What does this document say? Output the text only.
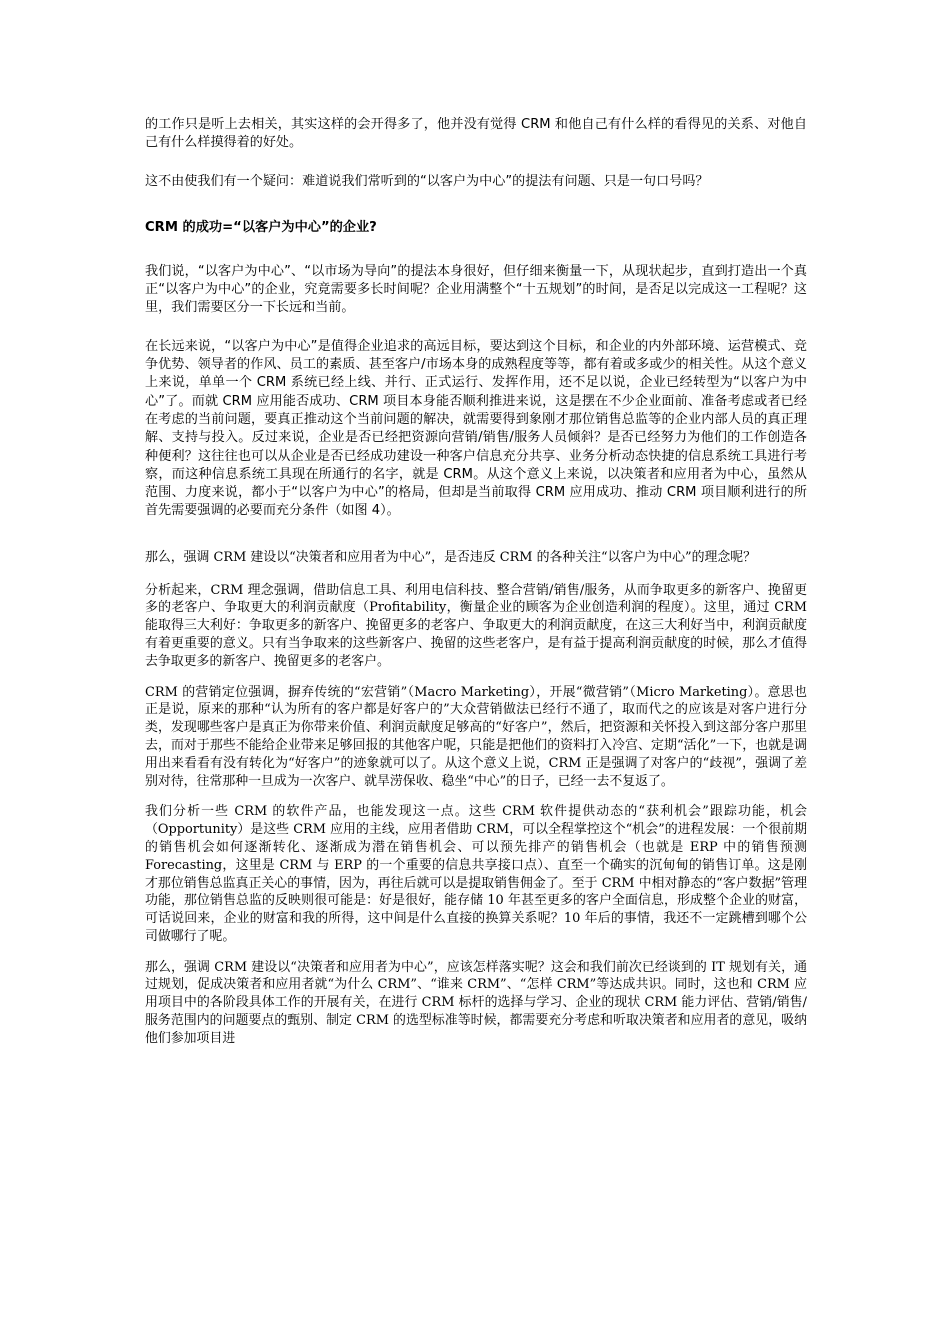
的工作只是听上去相关，其实这样的会开得多了，他并没有觉得 CRM 和他自己有什么样的看得见的关系、对他自己有什么样摸得着的好处。

这不由使我们有一个疑问：难道说我们常听到的“以客户为中心”的提法有问题、只是一句口号吗？

CRM 的成功=“以客户为中心”的企业?

我们说，“以客户为中心”、“以市场为导向”的提法本身很好，但仔细来衡量一下，从现状起步，直到打造出一个真正“以客户为中心”的企业，究竟需要多长时间呢？企业用满整个“十五规划”的时间，是否足以完成这一工程呢？这里，我们需要区分一下长远和当前。

在长远来说，“以客户为中心”是值得企业追求的高远目标，要达到这个目标，和企业的内外部环境、运营模式、竞争优势、领导者的作风、员工的素质、甚至客户/市场本身的成熟程度等等，都有着或多或少的相关性。从这个意义上来说，单单一个 CRM 系统已经上线、并行、正式运行、发挥作用，还不足以说，企业已经转型为“以客户为中心”了。而就 CRM 应用能否成功、CRM 项目本身能否顺利推进来说，这是摆在不少企业面前、准备考虑或者已经在考虑的当前问题，要真正推动这个当前问题的解决，就需要得到象刚才那位销售总监等的企业内部人员的真正理解、支持与投入。反过来说，企业是否已经把资源向营销/销售/服务人员倾斜？是否已经努力为他们的工作创造各种便利？这往往也可以从企业是否已经成功建设一种客户信息充分共享、业务分析动态快捷的信息系统工具进行考察，而这种信息系统工具现在所通行的名字，就是 CRM。从这个意义上来说，以决策者和应用者为中心，虽然从范围、力度来说，都小于“以客户为中心”的格局，但却是当前取得 CRM 应用成功、推动 CRM 项目顺利进行的所首先需要强调的必要而充分条件（如图 4）。

那么，强调 CRM 建设以“决策者和应用者为中心”，是否违反 CRM 的各种关注“以客户为中心”的理念呢？

分析起来，CRM 理念强调，借助信息工具、利用电信科技、整合营销/销售/服务，从而争取更多的新客户、挽留更多的老客户、争取更大的利润贡献度（Profitability，衡量企业的顾客为企业创造利润的程度）。这里，通过 CRM 能取得三大利好：争取更多的新客户、挽留更多的老客户、争取更大的利润贡献度，在这三大利好当中，利润贡献度有着更重要的意义。只有当争取来的这些新客户、挽留的这些老客户，是有益于提高利润贡献度的时候，那么才值得去争取更多的新客户、挽留更多的老客户。

CRM 的营销定位强调，摒弃传统的“宏营销”（Macro Marketing），开展“微营销”（Micro Marketing）。意思也正是说，原来的那种“认为所有的客户都是好客户的”大众营销做法已经行不通了，取而代之的应该是对客户进行分类，发现哪些客户是真正为你带来价值、利润贡献度足够高的“好客户”，然后，把资源和关怀投入到这部分客户那里去，而对于那些不能给企业带来足够回报的其他客户呢，只能是把他们的资料打入冷宫、定期“活化”一下，也就是调用出来看看有没有转化为“好客户”的迹象就可以了。从这个意义上说，CRM 正是强调了对客户的“歧视”，强调了差别对待，往常那种一旦成为一次客户、就旱涝保收、稳坐“中心”的日子，已经一去不复返了。

我们分析一些 CRM 的软件产品，也能发现这一点。这些 CRM 软件提供动态的“获利机会”跟踪功能，机会（Opportunity）是这些 CRM 应用的主线，应用者借助 CRM，可以全程掌控这个“机会”的进程发展：一个很前期的销售机会如何逐渐转化、逐渐成为潜在销售机会、可以预先排产的销售机会（也就是 ERP 中的销售预测 Forecasting，这里是 CRM 与 ERP 的一个重要的信息共享接口点）、直至一个确实的沉甸甸的销售订单。这是刚才那位销售总监真正关心的事情，因为，再往后就可以是提取销售佣金了。至于 CRM 中相对静态的“客户数据”管理功能，那位销售总监的反映则很可能是：好是很好，能存储 10 年甚至更多的客户全面信息，形成整个企业的财富，可话说回来，企业的财富和我的所得，这中间是什么直接的换算关系呢？10 年后的事情，我还不一定跳槽到哪个公司做哪行了呢。

那么，强调 CRM 建设以“决策者和应用者为中心”，应该怎样落实呢？这会和我们前次已经谈到的 IT 规划有关，通过规划，促成决策者和应用者就“为什么 CRM”、“谁来 CRM”、“怎样 CRM”等达成共识。同时，这也和 CRM 应用项目中的各阶段具体工作的开展有关，在进行 CRM 标杆的选择与学习、企业的现状 CRM 能力评估、营销/销售/服务范围内的问题要点的甄别、制定 CRM 的选型标准等时候，都需要充分考虑和听取决策者和应用者的意见，吸纳他们参加项目进
